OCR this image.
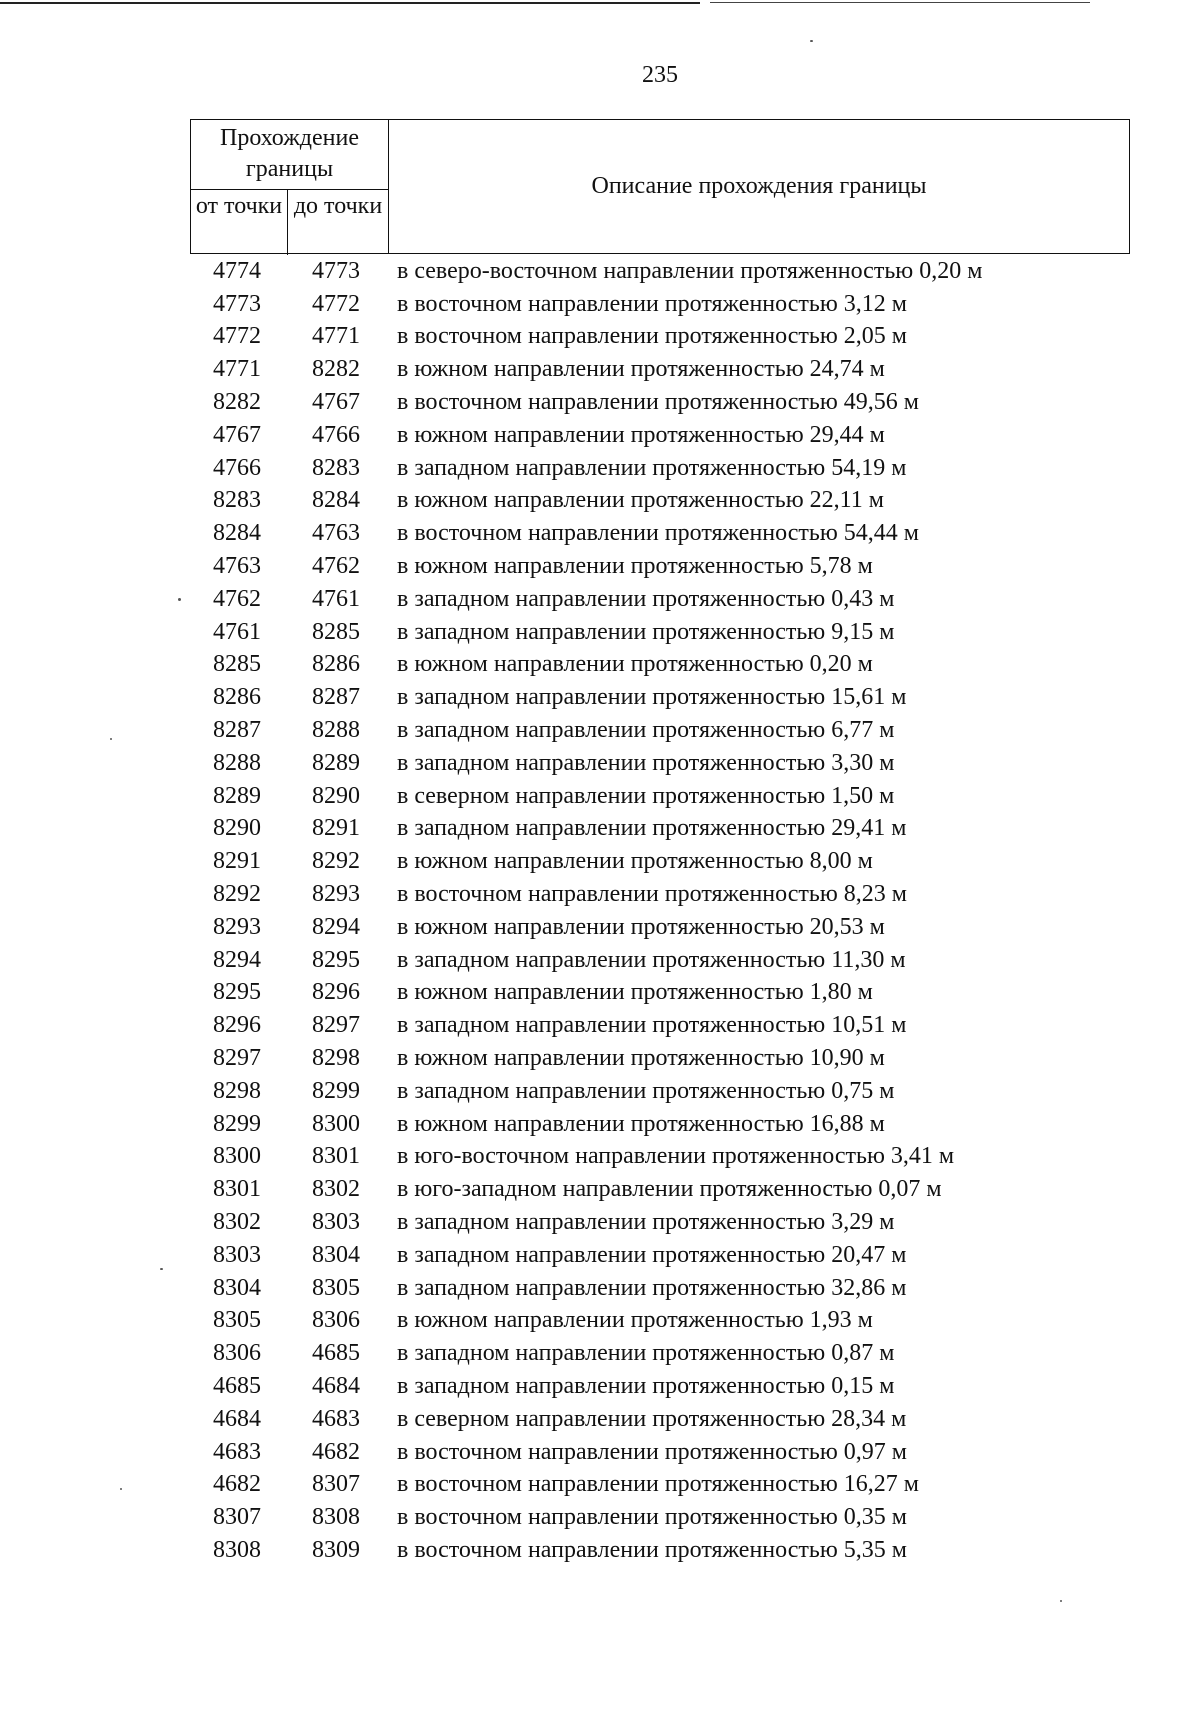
235
Прохождение границы
от точки до точки
Описание прохождения границы
4774	4773	в северо-восточном направлении протяженностью 0,20 м
4773	4772	в восточном направлении протяженностью 3,12 м
4772	4771	в восточном направлении протяженностью 2,05 м
4771	8282	в южном направлении протяженностью 24,74 м
8282	4767	в восточном направлении протяженностью 49,56 м
4767	4766	в южном направлении протяженностью 29,44 м
4766	8283	в западном направлении протяженностью 54,19 м
8283	8284	в южном направлении протяженностью 22,11 м
8284	4763	в восточном направлении протяженностью 54,44 м
4763	4762	в южном направлении протяженностью 5,78 м
4762	4761	в западном направлении протяженностью 0,43 м
4761	8285	в западном направлении протяженностью 9,15 м
8285	8286	в южном направлении протяженностью 0,20 м
8286	8287	в западном направлении протяженностью 15,61 м
8287	8288	в западном направлении протяженностью 6,77 м
8288	8289	в западном направлении протяженностью 3,30 м
8289	8290	в северном направлении протяженностью 1,50 м
8290	8291	в западном направлении протяженностью 29,41 м
8291	8292	в южном направлении протяженностью 8,00 м
8292	8293	в восточном направлении протяженностью 8,23 м
8293	8294	в южном направлении протяженностью 20,53 м
8294	8295	в западном направлении протяженностью 11,30 м
8295	8296	в южном направлении протяженностью 1,80 м
8296	8297	в западном направлении протяженностью 10,51 м
8297	8298	в южном направлении протяженностью 10,90 м
8298	8299	в западном направлении протяженностью 0,75 м
8299	8300	в южном направлении протяженностью 16,88 м
8300	8301	в юго-восточном направлении протяженностью 3,41 м
8301	8302	в юго-западном направлении протяженностью 0,07 м
8302	8303	в западном направлении протяженностью 3,29 м
8303	8304	в западном направлении протяженностью 20,47 м
8304	8305	в западном направлении протяженностью 32,86 м
8305	8306	в южном направлении протяженностью 1,93 м
8306	4685	в западном направлении протяженностью 0,87 м
4685	4684	в западном направлении протяженностью 0,15 м
4684	4683	в северном направлении протяженностью 28,34 м
4683	4682	в восточном направлении протяженностью 0,97 м
4682	8307	в восточном направлении протяженностью 16,27 м
8307	8308	в восточном направлении протяженностью 0,35 м
8308	8309	в восточном направлении протяженностью 5,35 м
